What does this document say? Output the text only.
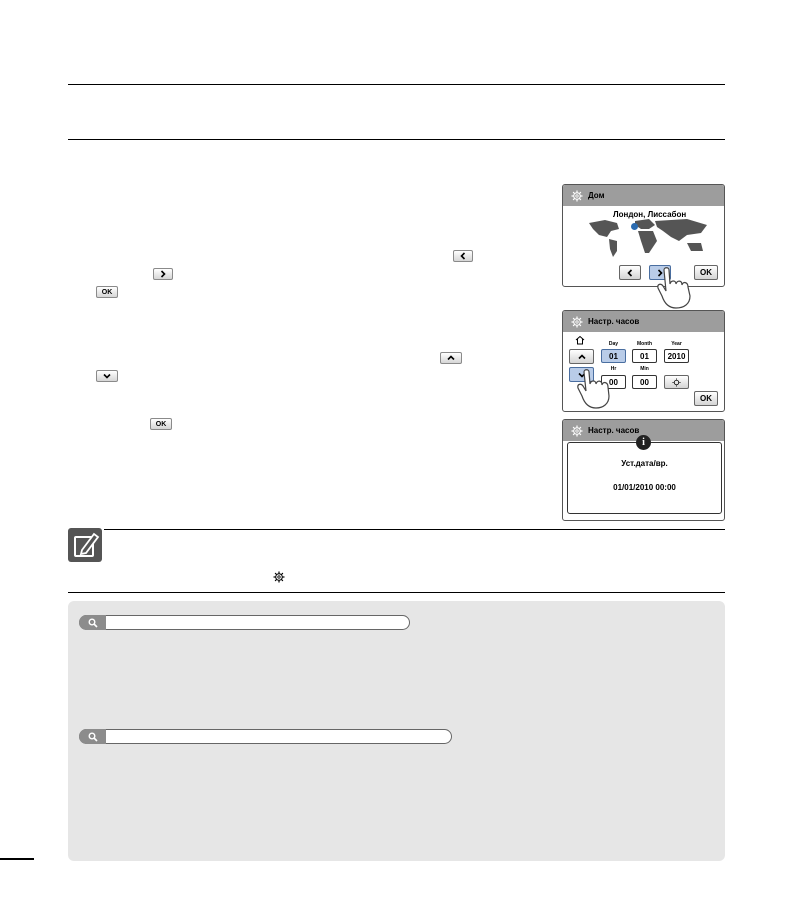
OK
OK
Дом
Лондон, Лиссабон
OK
Настр. часов
Day	Month	Year
01	01	2010
Hr	Min
00	00
OK
Настр. часов
Уст.дата/вр.
01/01/2010 00:00
i
